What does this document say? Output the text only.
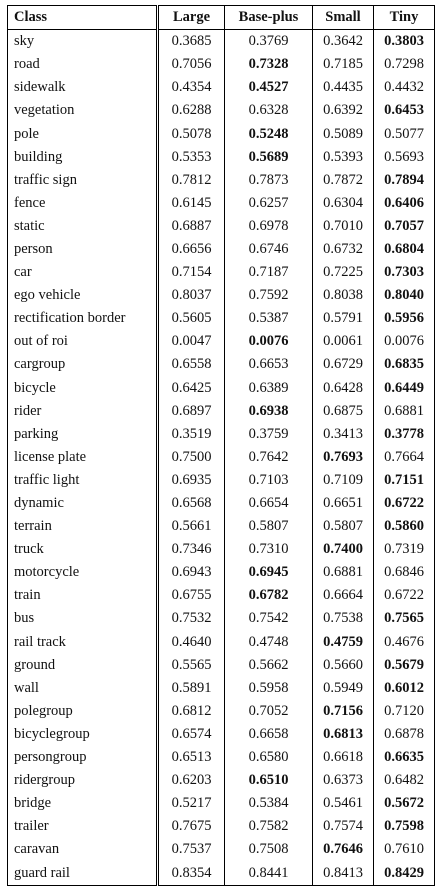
Class	Large	Base-plus	Small	Tiny
sky	0.3685	0.3769	0.3642	0.3803
road	0.7056	0.7328	0.7185	0.7298
sidewalk	0.4354	0.4527	0.4435	0.4432
vegetation	0.6288	0.6328	0.6392	0.6453
pole	0.5078	0.5248	0.5089	0.5077
building	0.5353	0.5689	0.5393	0.5693
traffic sign	0.7812	0.7873	0.7872	0.7894
fence	0.6145	0.6257	0.6304	0.6406
static	0.6887	0.6978	0.7010	0.7057
person	0.6656	0.6746	0.6732	0.6804
car	0.7154	0.7187	0.7225	0.7303
ego vehicle	0.8037	0.7592	0.8038	0.8040
rectification border	0.5605	0.5387	0.5791	0.5956
out of roi	0.0047	0.0076	0.0061	0.0076
cargroup	0.6558	0.6653	0.6729	0.6835
bicycle	0.6425	0.6389	0.6428	0.6449
rider	0.6897	0.6938	0.6875	0.6881
parking	0.3519	0.3759	0.3413	0.3778
license plate	0.7500	0.7642	0.7693	0.7664
traffic light	0.6935	0.7103	0.7109	0.7151
dynamic	0.6568	0.6654	0.6651	0.6722
terrain	0.5661	0.5807	0.5807	0.5860
truck	0.7346	0.7310	0.7400	0.7319
motorcycle	0.6943	0.6945	0.6881	0.6846
train	0.6755	0.6782	0.6664	0.6722
bus	0.7532	0.7542	0.7538	0.7565
rail track	0.4640	0.4748	0.4759	0.4676
ground	0.5565	0.5662	0.5660	0.5679
wall	0.5891	0.5958	0.5949	0.6012
polegroup	0.6812	0.7052	0.7156	0.7120
bicyclegroup	0.6574	0.6658	0.6813	0.6878
persongroup	0.6513	0.6580	0.6618	0.6635
ridergroup	0.6203	0.6510	0.6373	0.6482
bridge	0.5217	0.5384	0.5461	0.5672
trailer	0.7675	0.7582	0.7574	0.7598
caravan	0.7537	0.7508	0.7646	0.7610
guard rail	0.8354	0.8441	0.8413	0.8429
